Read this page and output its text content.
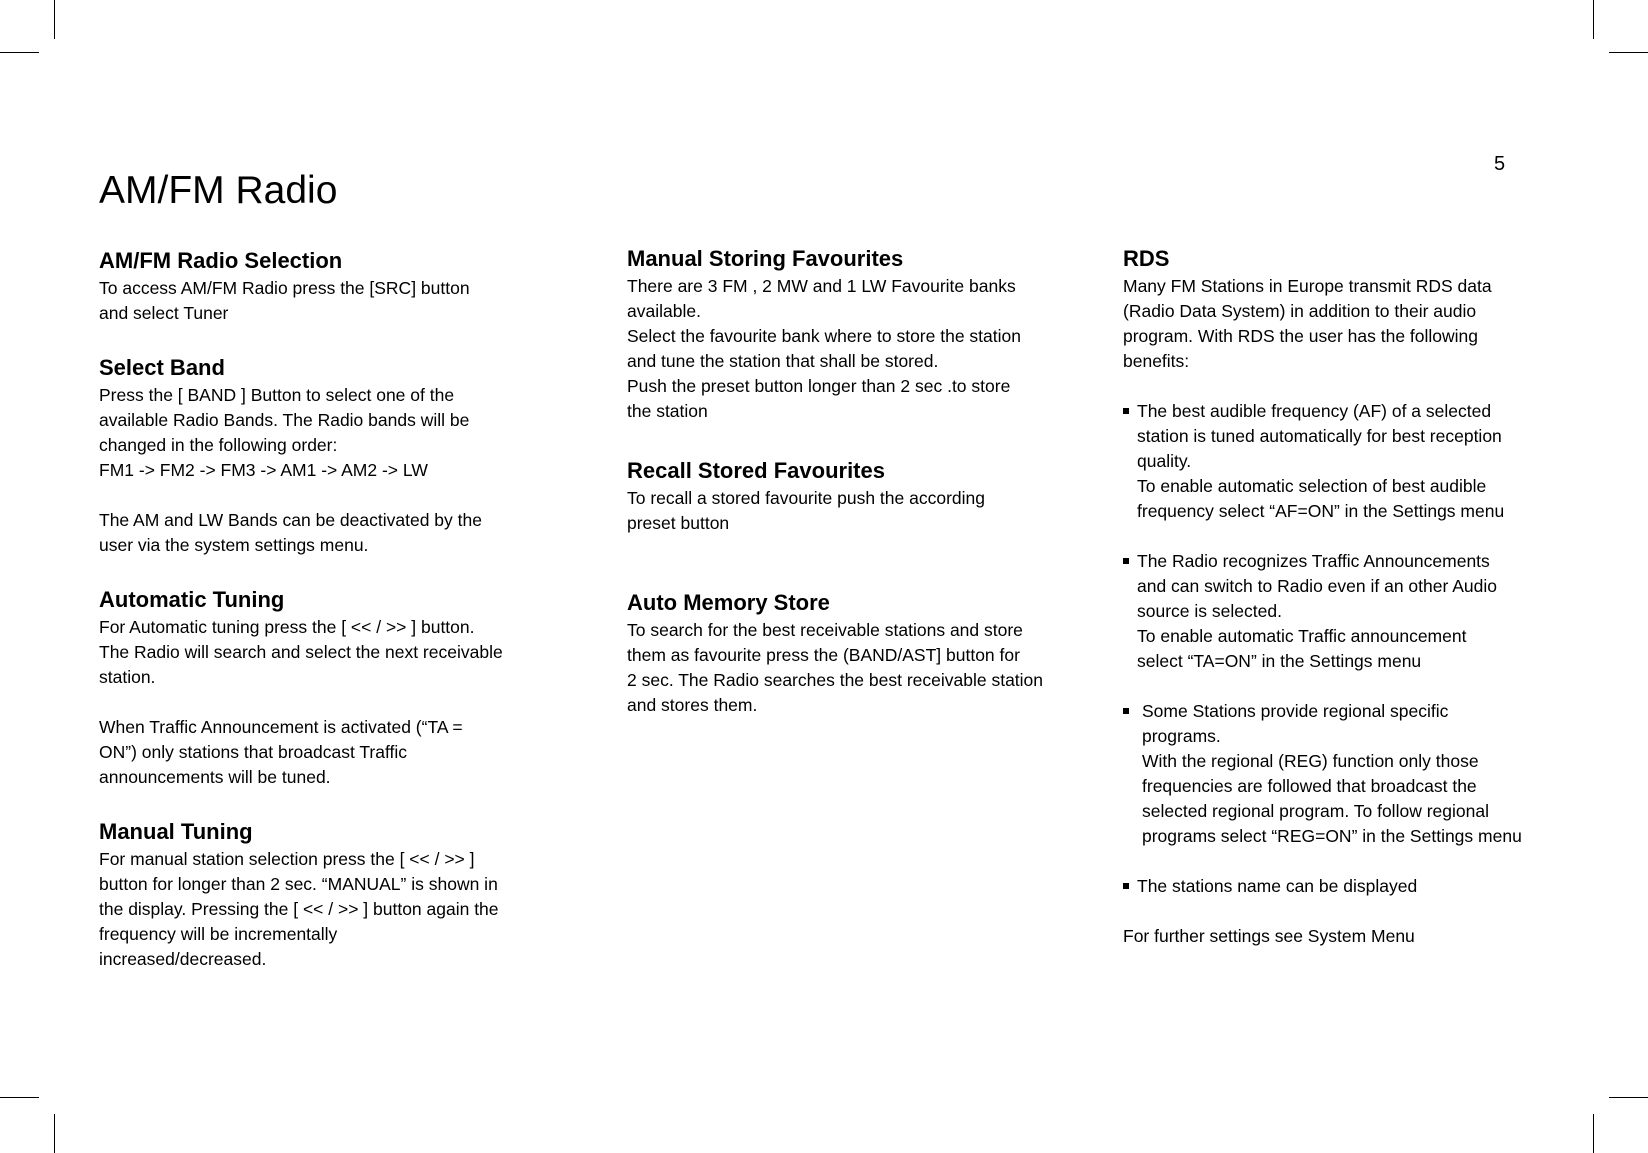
5
AM/FM Radio
AM/FM Radio Selection

To access AM/FM Radio press the [SRC] button

and select Tuner

Select Band

Press the [ BAND ] Button to select one of the

available Radio Bands. The Radio bands will be

changed in the following order:

FM1 -> FM2 -> FM3 -> AM1 -> AM2 -> LW

The AM and LW Bands can be deactivated by the

user via the system settings menu.

Automatic Tuning

For Automatic tuning press the [ << / >> ] button.

The Radio will search and select the next receivable

station.

When Traffic Announcement is activated (“TA =

ON”) only stations that broadcast Traffic

announcements will be tuned.

Manual Tuning

For manual station selection press the [ << / >> ]

button for longer than 2 sec. “MANUAL” is shown in

the display. Pressing the [ << / >> ] button again the

frequency will be incrementally

increased/decreased.

Manual Storing Favourites

There are 3 FM , 2 MW and 1 LW Favourite banks

available.

Select the favourite bank where to store the station

and tune the station that shall be stored.

Push the preset button longer than 2 sec .to store

the station

Recall Stored Favourites

To recall a stored favourite push the according

preset button

Auto Memory Store

To search for the best receivable stations and store

them as favourite press the (BAND/AST] button for

2 sec. The Radio searches the best receivable station

and stores them.

RDS

Many FM Stations in Europe transmit RDS data

(Radio Data System) in addition to their audio

program. With RDS the user has the following

benefits:

The best audible frequency (AF) of a selected

station is tuned automatically for best reception

quality.

To enable automatic selection of best audible

frequency select “AF=ON” in the Settings menu

The Radio recognizes Traffic Announcements

and can switch to Radio even if an other Audio

source is selected.

To enable automatic Traffic announcement

select “TA=ON” in the Settings menu

Some Stations provide regional specific

programs.

With the regional (REG) function only those

frequencies are followed that broadcast the

selected regional program. To follow regional

programs select “REG=ON” in the Settings menu

The stations name can be displayed

For further settings see System Menu
